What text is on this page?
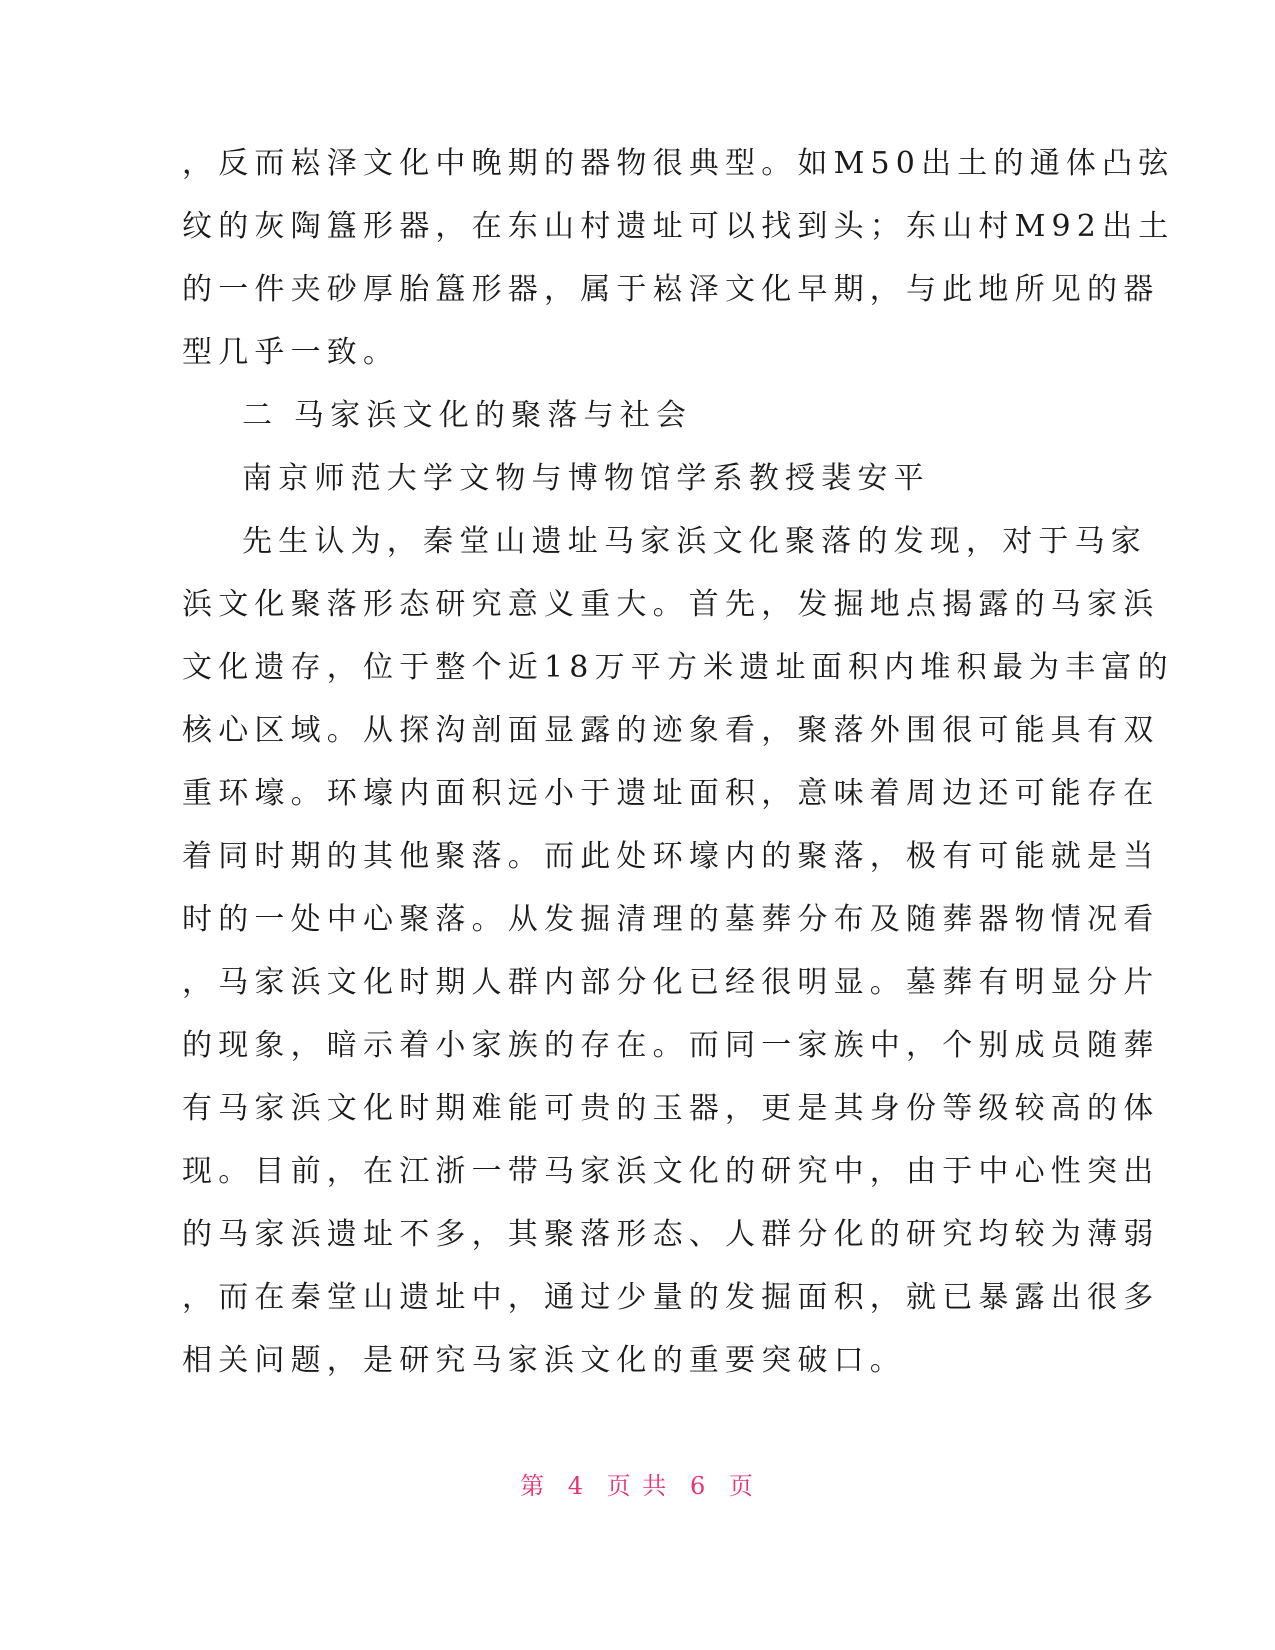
，反而崧泽文化中晚期的器物很典型。如M50出土的通体凸弦
纹的灰陶簋形器，在东山村遗址可以找到头；东山村M92出土
的一件夹砂厚胎簋形器，属于崧泽文化早期，与此地所见的器
型几乎一致。
二 马家浜文化的聚落与社会
南京师范大学文物与博物馆学系教授裴安平
先生认为，秦堂山遗址马家浜文化聚落的发现，对于马家
浜文化聚落形态研究意义重大。首先，发掘地点揭露的马家浜
文化遗存，位于整个近18万平方米遗址面积内堆积最为丰富的
核心区域。从探沟剖面显露的迹象看，聚落外围很可能具有双
重环壕。环壕内面积远小于遗址面积，意味着周边还可能存在
着同时期的其他聚落。而此处环壕内的聚落，极有可能就是当
时的一处中心聚落。从发掘清理的墓葬分布及随葬器物情况看
，马家浜文化时期人群内部分化已经很明显。墓葬有明显分片
的现象，暗示着小家族的存在。而同一家族中，个别成员随葬
有马家浜文化时期难能可贵的玉器，更是其身份等级较高的体
现。目前，在江浙一带马家浜文化的研究中，由于中心性突出
的马家浜遗址不多，其聚落形态、人群分化的研究均较为薄弱
，而在秦堂山遗址中，通过少量的发掘面积，就已暴露出很多
相关问题，是研究马家浜文化的重要突破口。
第 4 页 共 6 页
